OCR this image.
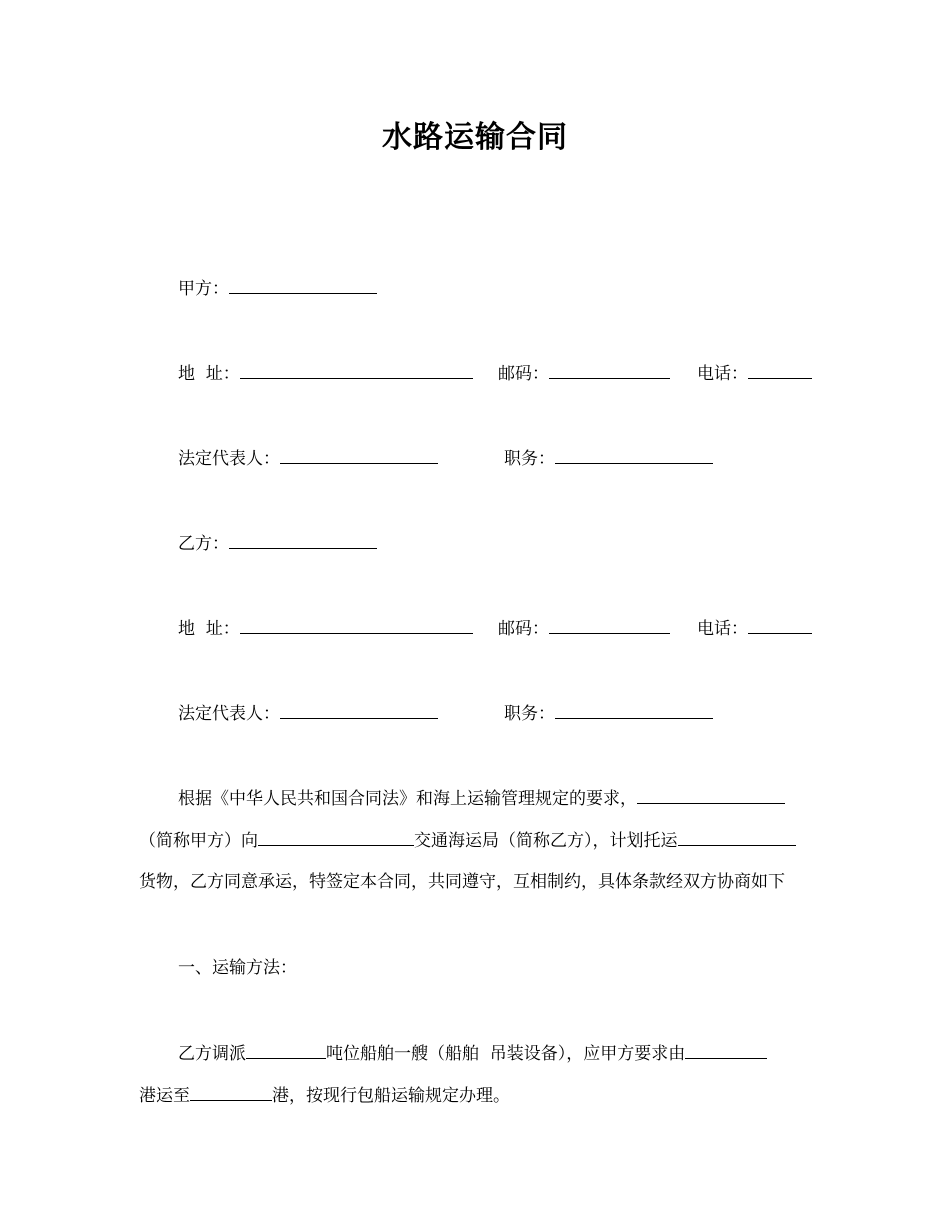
水路运输合同
甲方：
地  址：	邮码：	电话：
法定代表人：	职务：
乙方：
地  址：	邮码：	电话：
法定代表人：	职务：
根据《中华人民共和国合同法》和海上运输管理规定的要求，
（简称甲方）向	交通海运局（简称乙方），计划托运
货物，乙方同意承运，特签定本合同，共同遵守，互相制约，具体条款经双方协商如下
一、运输方法：
乙方调派	吨位船舶一艘（船舶  吊装设备），应甲方要求由
港运至	港，按现行包船运输规定办理。
